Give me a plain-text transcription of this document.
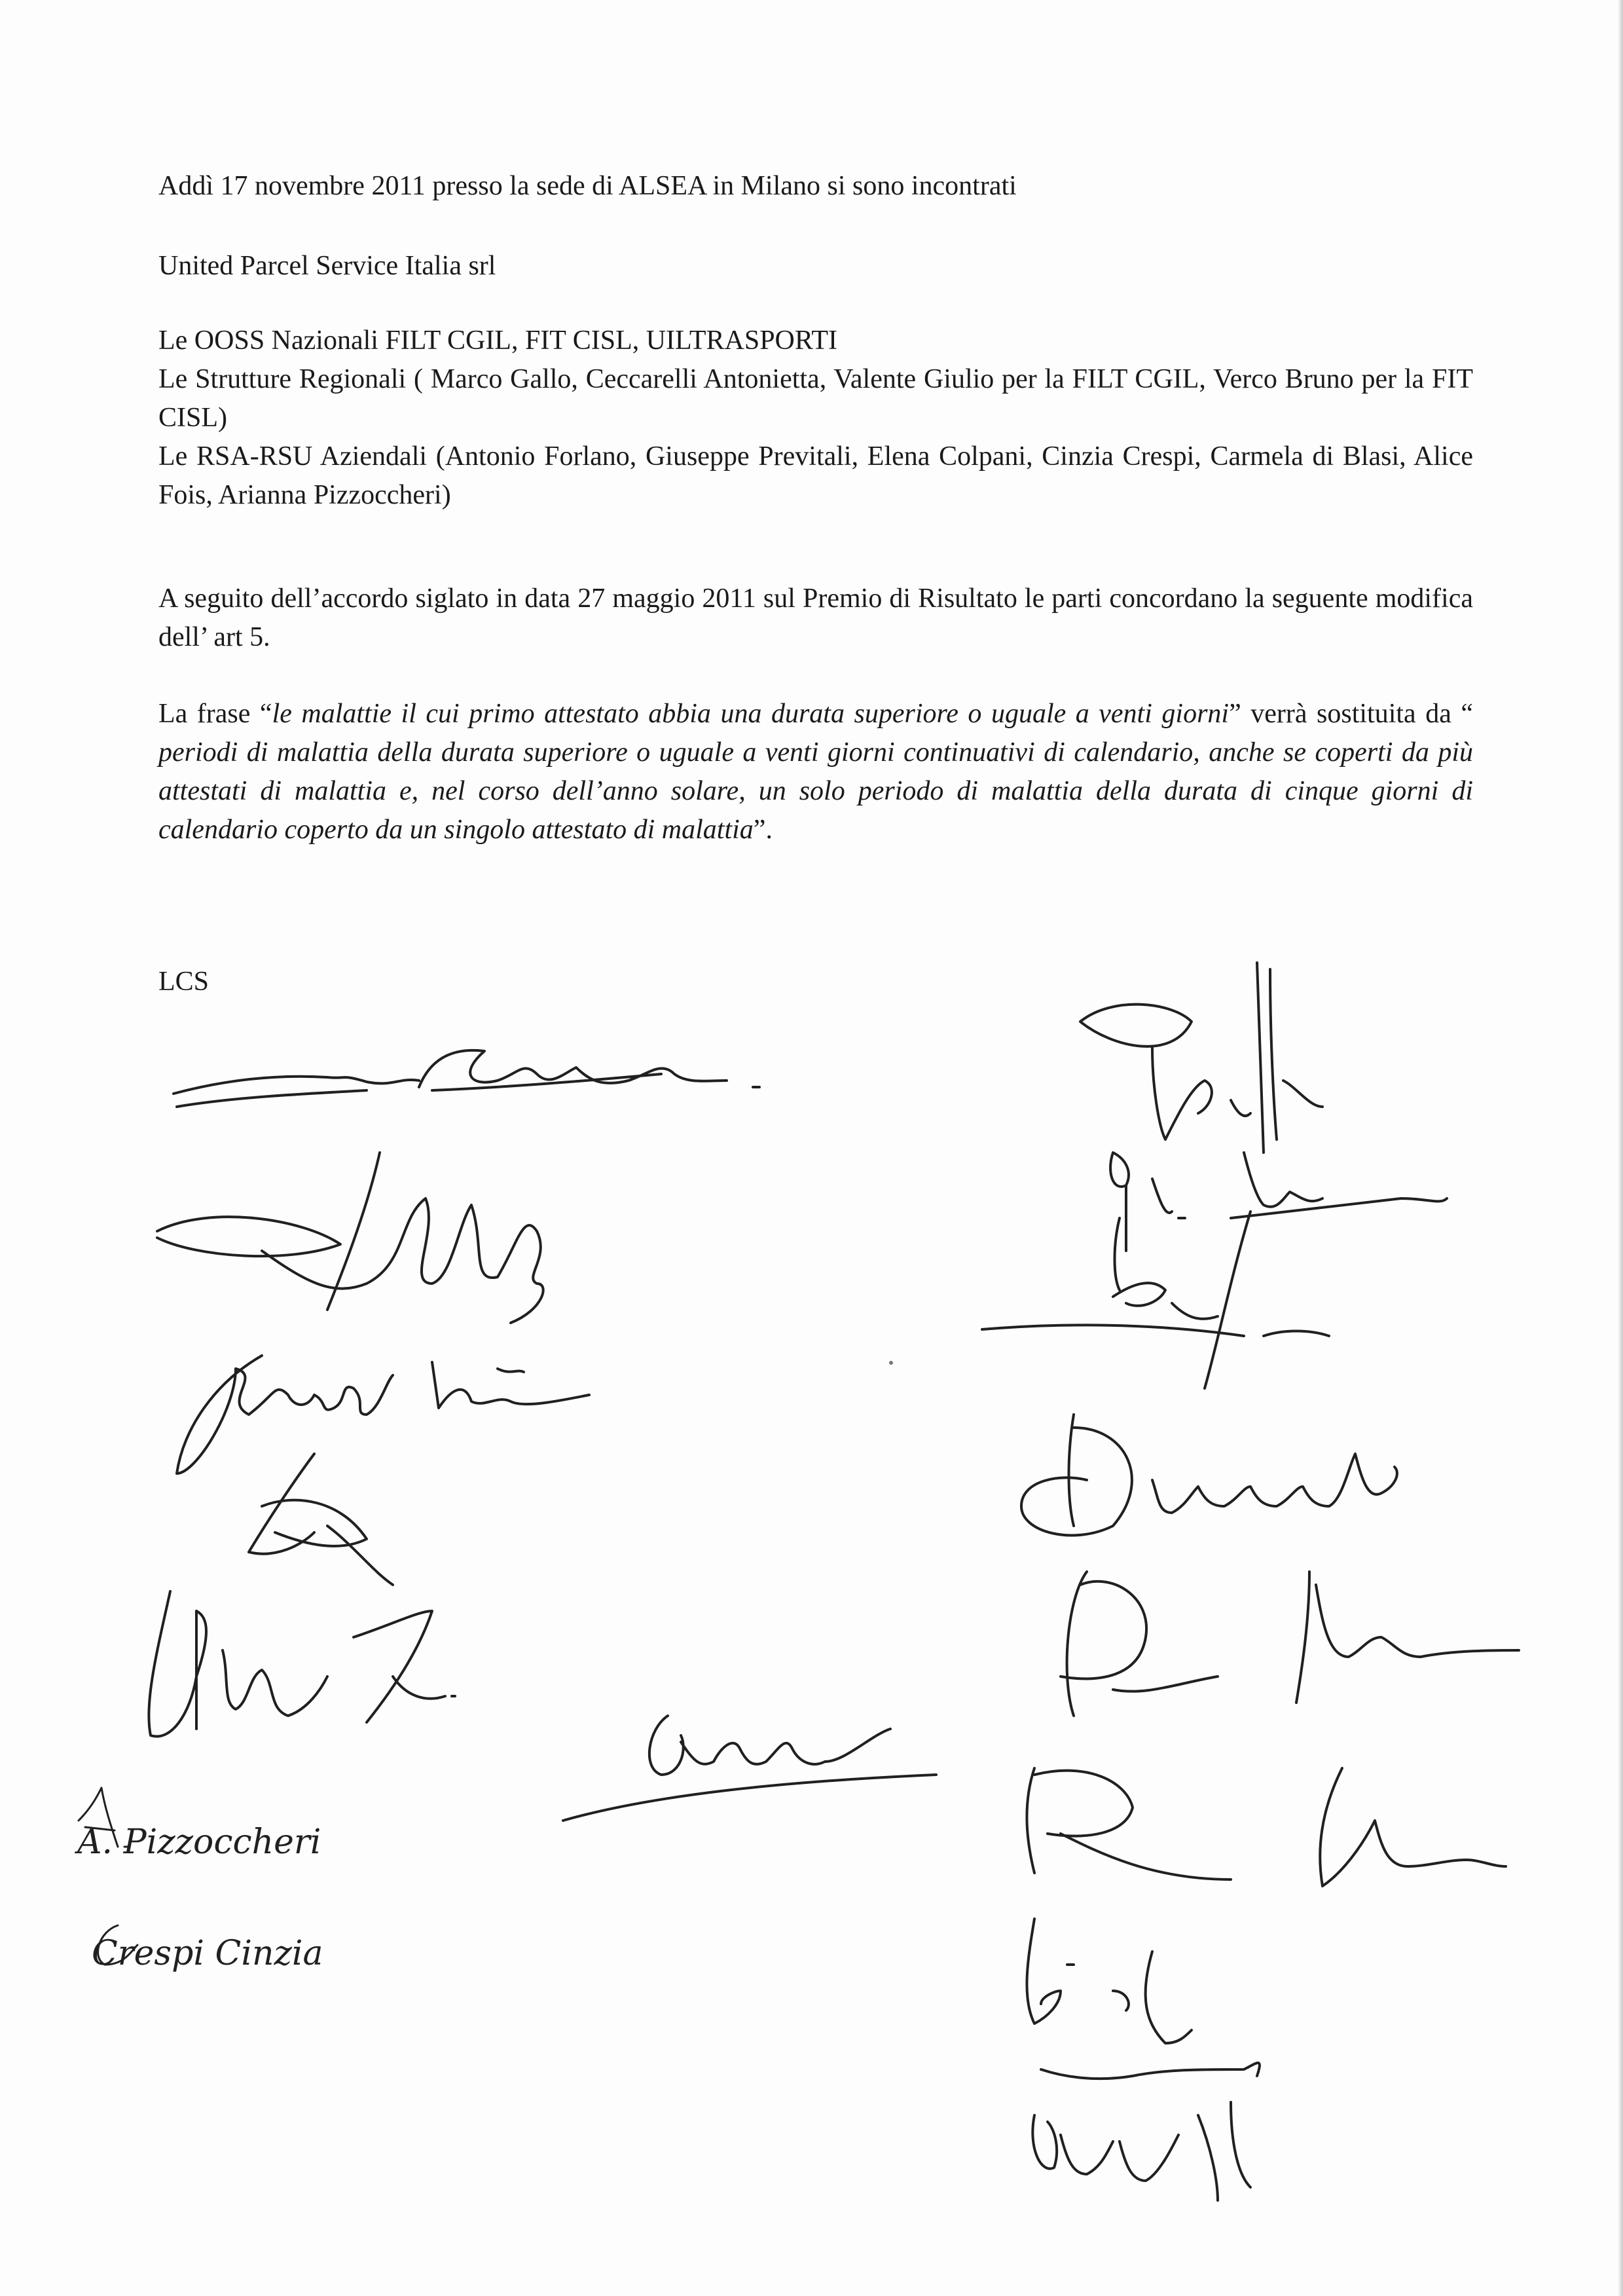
Addì 17 novembre 2011 presso la sede di ALSEA in Milano si sono incontrati
United Parcel Service Italia srl
Le OOSS Nazionali FILT CGIL, FIT CISL, UILTRASPORTI
Le Strutture Regionali ( Marco Gallo, Ceccarelli Antonietta, Valente Giulio per la FILT CGIL, Verco Bruno per la FIT CISL)
Le RSA-RSU Aziendali (Antonio Forlano, Giuseppe Previtali, Elena Colpani, Cinzia Crespi, Carmela di Blasi, Alice Fois, Arianna Pizzoccheri)
A seguito dell’accordo siglato in data 27 maggio 2011 sul Premio di Risultato le parti concordano la seguente modifica dell’ art 5.
La frase “le malattie il cui primo attestato abbia una durata superiore o uguale a venti giorni” verrà sostituita da “ periodi di malattia della durata superiore o uguale a venti giorni continuativi di calendario, anche se coperti da più attestati di malattia e, nel corso dell’anno solare, un solo periodo di malattia della durata di cinque giorni di calendario coperto da un singolo attestato di malattia”.
LCS
A. Pizzoccheri
Crespi Cinzia
